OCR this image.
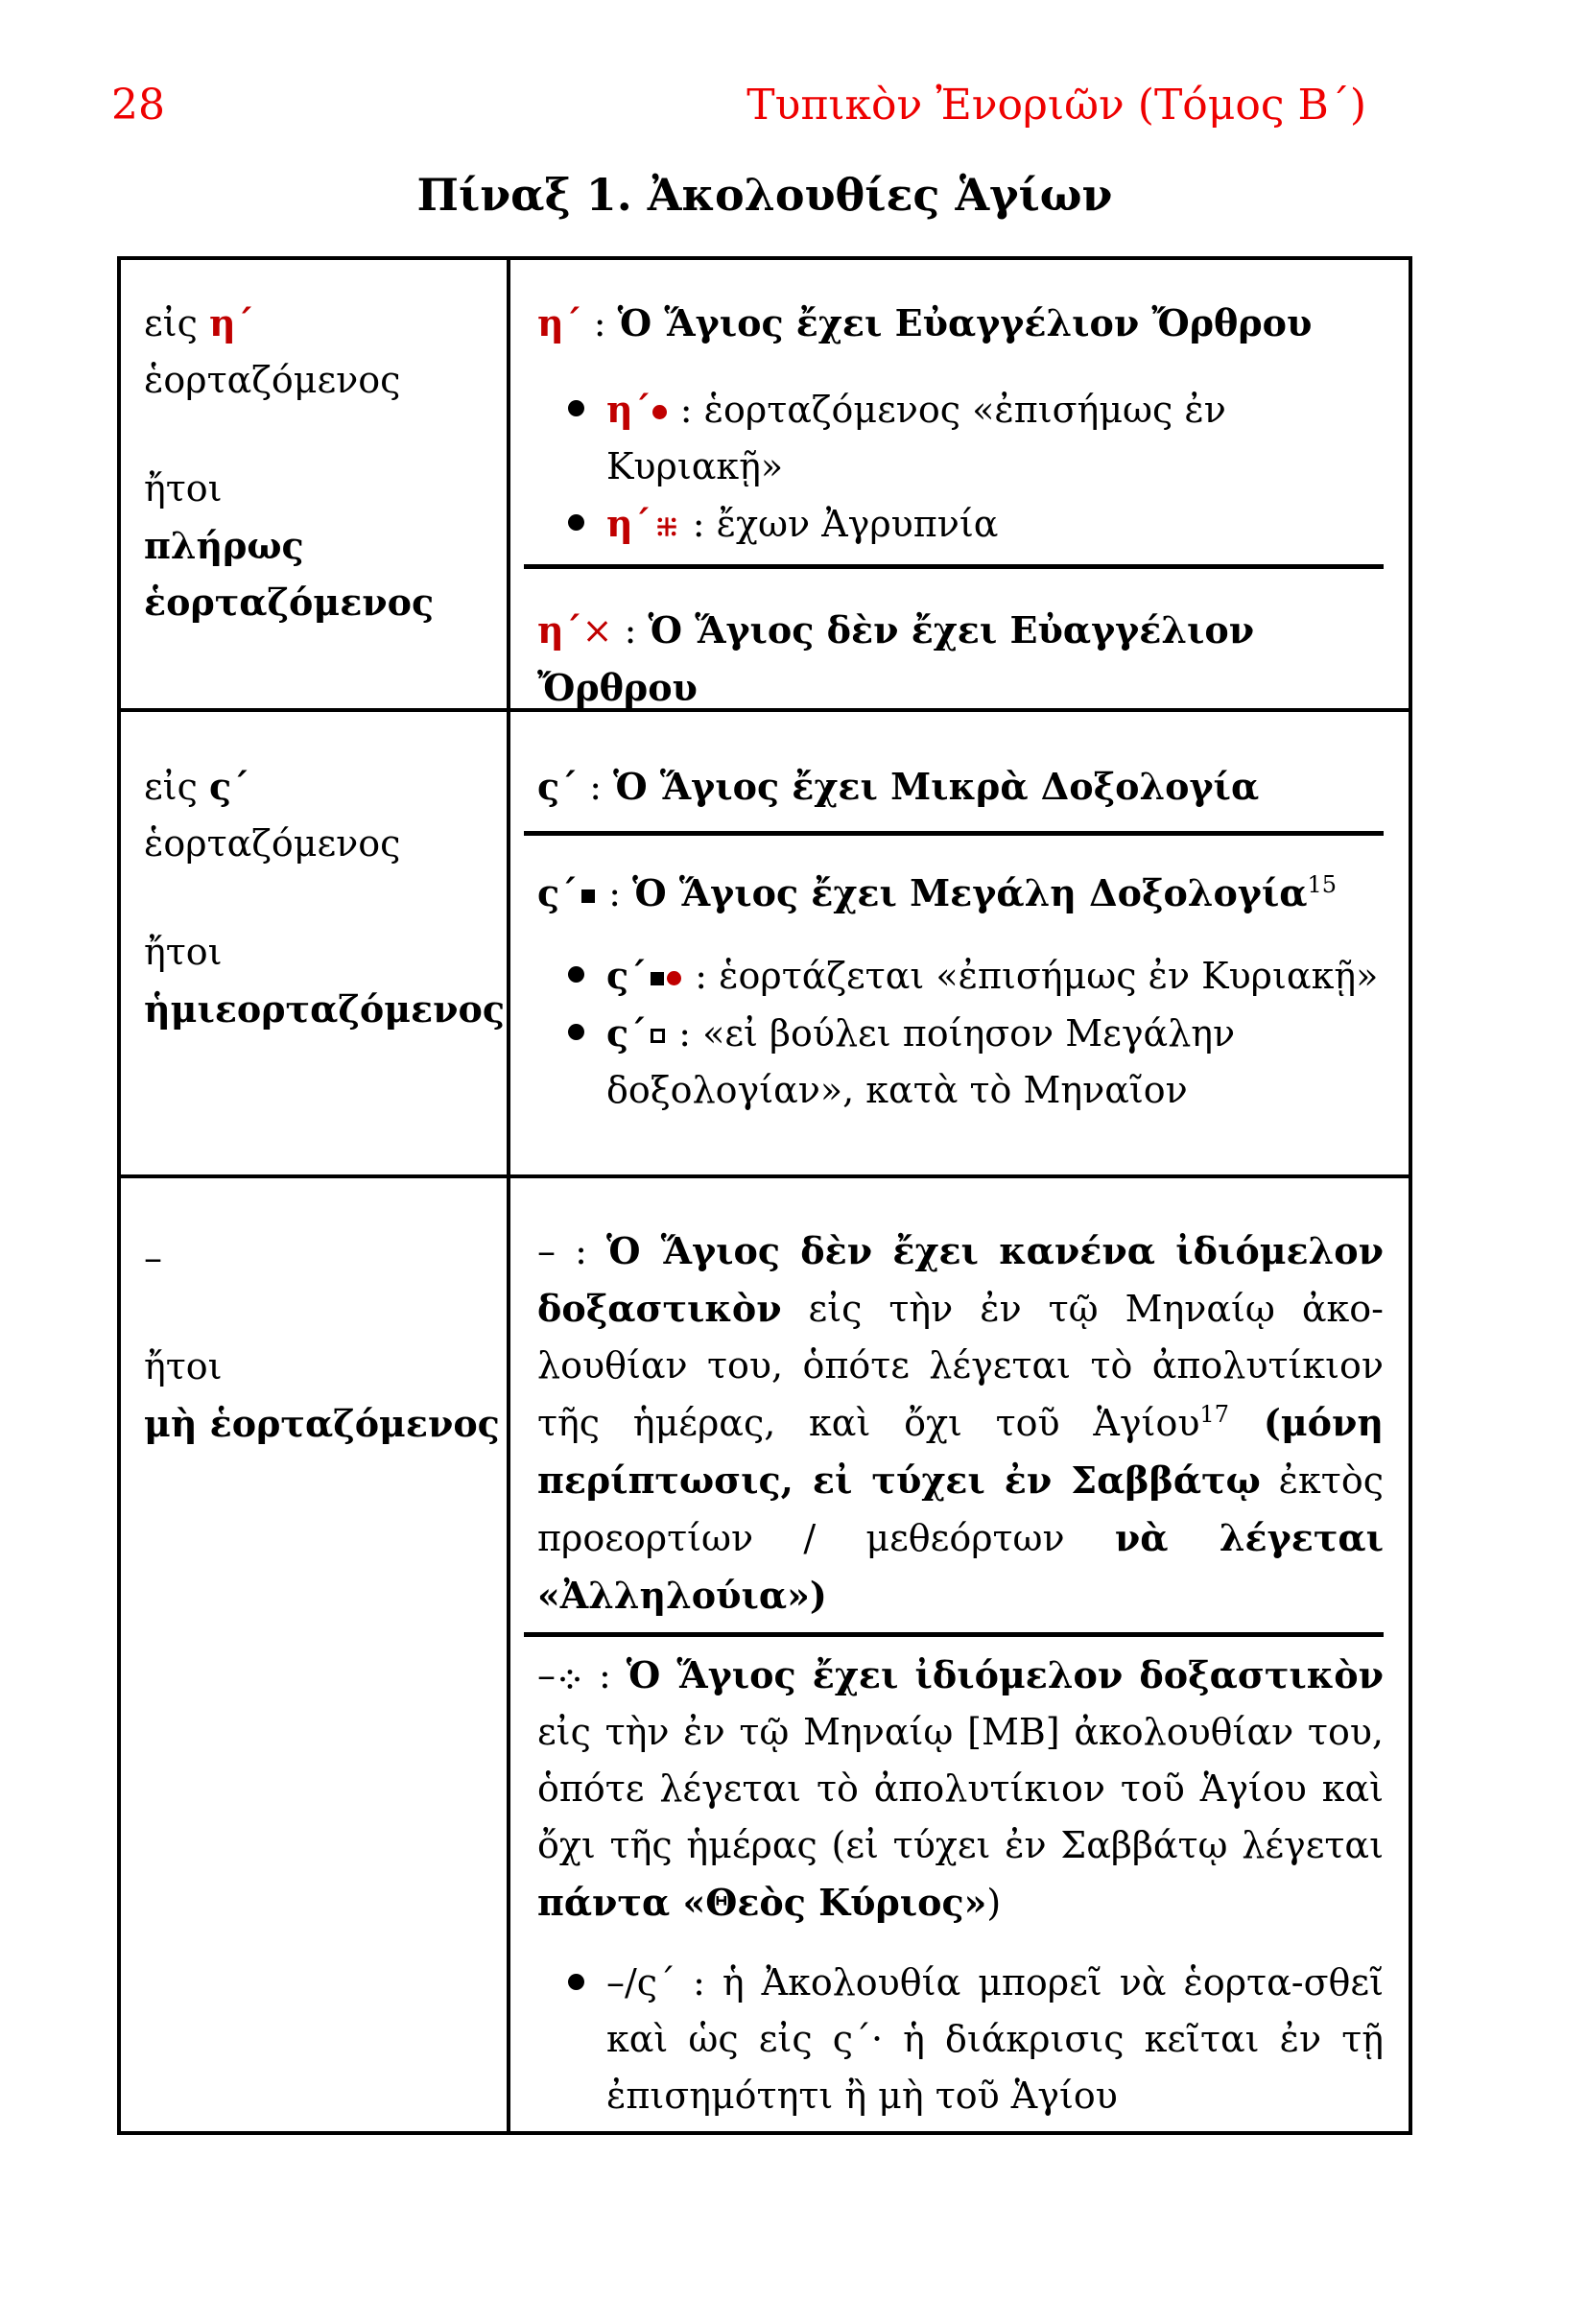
28	Τυπικὸν Ἐνοριῶν (Τόμος Β´)
Πίναξ 1. Ἀκολουθίες Ἁγίων
εἰς η´
ἑορταζόμενος
ἤτοι
πλήρως
ἑορταζόμενος

η´ : Ὁ Ἅγιος ἔχει Εὐαγγέλιον Ὄρθρου

η´ : ἑορταζόμενος «ἐπισήμως ἐν Κυριακῇ»
η´ : ἔχων Ἀγρυπνία

η´× : Ὁ Ἅγιος δὲν ἔχει Εὐαγγέλιον Ὄρθρου

εἰς ς´
ἑορταζόμενος
ἤτοι
ἡμιεορταζόμενος

ς´ : Ὁ Ἅγιος ἔχει Μικρὰ Δοξολογία

ς´ : Ὁ Ἅγιος ἔχει Μεγάλη Δοξολογία$^{15}$

ς´ : ἑορτάζεται «ἐπισήμως ἐν Κυριακῇ»
ς´ : «εἰ βούλει ποίησον Μεγάλην δοξολογίαν», κατὰ τὸ Μηναῖον
–
ἤτοι
μὴ ἑορταζόμενος

– : Ὁ Ἅγιος δὲν ἔχει κανένα ἰδιόμελον δοξαστικὸν εἰς τὴν ἐν τῷ Μηναίῳ ἀκο-λουθίαν του, ὁπότε λέγεται τὸ ἀπολυτίκιον τῆς ἡμέρας, καὶ ὄχι τοῦ Ἁγίου$^{17}$ (μόνη περίπτωσις, εἰ τύχει ἐν Σαββάτῳ ἐκτὸς προεορτίων / μεθεόρτων νὰ λέγεται «Ἀλληλούια»)

– : Ὁ Ἅγιος ἔχει ἰδιόμελον δοξαστικὸν εἰς τὴν ἐν τῷ Μηναίῳ [ΜΒ] ἀκολουθίαν του, ὁπότε λέγεται τὸ ἀπολυτίκιον τοῦ Ἁγίου καὶ ὄχι τῆς ἡμέρας (εἰ τύχει ἐν Σαββάτῳ λέγεται πάντα «Θεὸς Κύριος»)

–/ς´ : ἡ Ἀκολουθία μπορεῖ νὰ ἑορτα-σθεῖ καὶ ὡς εἰς ς´· ἡ διάκρισις κεῖται ἐν τῇ ἐπισημότητι ἢ μὴ τοῦ Ἁγίου
